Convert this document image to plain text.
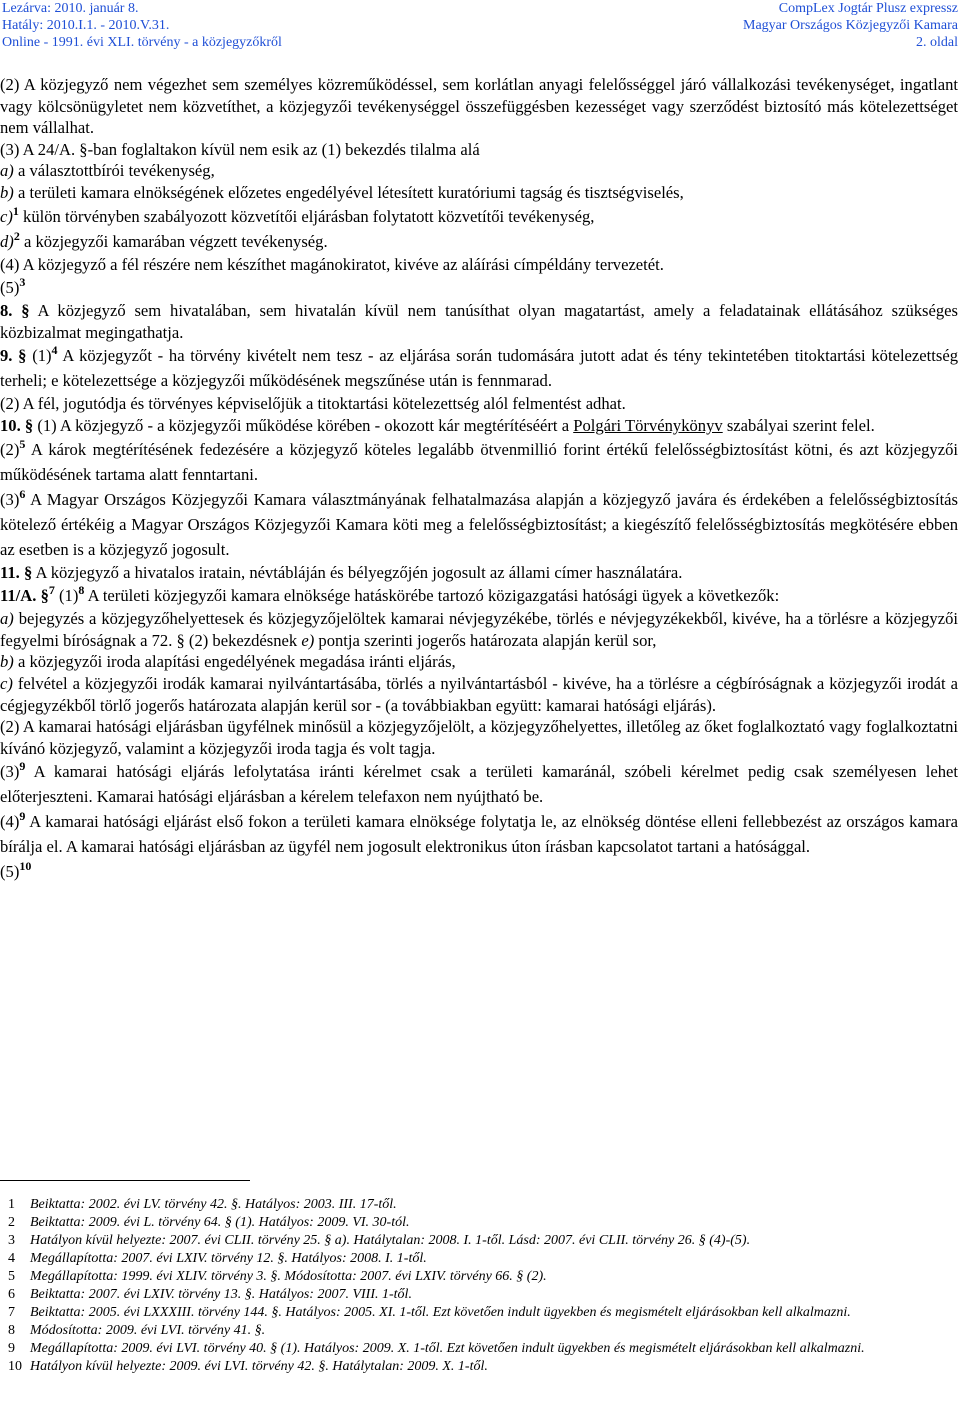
Lezárva: 2010. január 8.
Hatály: 2010.I.1. - 2010.V.31.
Online - 1991. évi XLI. törvény - a közjegyzőkről
CompLex Jogtár Plusz expressz
Magyar Országos Közjegyzői Kamara
2. oldal

(2) A közjegyző nem végezhet sem személyes közreműködéssel, sem korlátlan anyagi felelősséggel járó vállalkozási tevékenységet, ingatlant vagy kölcsönügyletet nem közvetíthet, a közjegyzői tevékenységgel összefüggésben kezességet vagy szerződést biztosító más kötelezettséget nem vállalhat.

(3) A 24/A. §-ban foglaltakon kívül nem esik az (1) bekezdés tilalma alá

a) a választottbírói tevékenység,

b) a területi kamara elnökségének előzetes engedélyével létesített kuratóriumi tagság és tisztségviselés,

c)$^1$ külön törvényben szabályozott közvetítői eljárásban folytatott közvetítői tevékenység,

d)$^2$ a közjegyzői kamarában végzett tevékenység.

(4) A közjegyző a fél részére nem készíthet magánokiratot, kivéve az aláírási címpéldány tervezetét.

$(5)^3$

8. § A közjegyző sem hivatalában, sem hivatalán kívül nem tanúsíthat olyan magatartást, amely a feladatainak ellátásához szükséges közbizalmat megingathatja.

9. § $(1)^4$ A közjegyzőt - ha törvény kivételt nem tesz - az eljárása során tudomására jutott adat és tény tekintetében titoktartási kötelezettség terheli; e kötelezettsége a közjegyzői működésének megszűnése után is fennmarad.

(2) A fél, jogutódja és törvényes képviselőjük a titoktartási kötelezettség alól felmentést adhat.

10. § (1) A közjegyző - a közjegyzői működése körében - okozott kár megtérítéséért a Polgári Törvénykönyv szabályai szerint felel.

$(2)^5$ A károk megtérítésének fedezésére a közjegyző köteles legalább ötvenmillió forint értékű felelősségbiztosítást kötni, és azt közjegyzői működésének tartama alatt fenntartani.

$(3)^6$ A Magyar Országos Közjegyzői Kamara választmányának felhatalmazása alapján a közjegyző javára és érdekében a felelősségbiztosítás kötelező értékéig a Magyar Országos Közjegyzői Kamara köti meg a felelősségbiztosítást; a kiegészítő felelősségbiztosítás megkötésére ebben az esetben is a közjegyző jogosult.

11. § A közjegyző a hivatalos iratain, névtábláján és bélyegzőjén jogosult az állami címer használatára.

11/A. §$^7$ $(1)^8$ A területi közjegyzői kamara elnöksége hatáskörébe tartozó közigazgatási hatósági ügyek a következők:

a) bejegyzés a közjegyzőhelyettesek és közjegyzőjelöltek kamarai névjegyzékébe, törlés e névjegyzékekből, kivéve, ha a törlésre a közjegyzői fegyelmi bíróságnak a 72. § (2) bekezdésnek e) pontja szerinti jogerős határozata alapján kerül sor,

b) a közjegyzői iroda alapítási engedélyének megadása iránti eljárás,

c) felvétel a közjegyzői irodák kamarai nyilvántartásába, törlés a nyilvántartásból - kivéve, ha a törlésre a cégbíróságnak a közjegyzői irodát a cégjegyzékből törlő jogerős határozata alapján kerül sor - (a továbbiakban együtt: kamarai hatósági eljárás).

(2) A kamarai hatósági eljárásban ügyfélnek minősül a közjegyzőjelölt, a közjegyzőhelyettes, illetőleg az őket foglalkoztató vagy foglalkoztatni kívánó közjegyző, valamint a közjegyzői iroda tagja és volt tagja.

$(3)^9$ A kamarai hatósági eljárás lefolytatása iránti kérelmet csak a területi kamaránál, szóbeli kérelmet pedig csak személyesen lehet előterjeszteni. Kamarai hatósági eljárásban a kérelem telefaxon nem nyújtható be.

$(4)^9$ A kamarai hatósági eljárást első fokon a területi kamara elnöksége folytatja le, az elnökség döntése elleni fellebbezést az országos kamara bírálja el. A kamarai hatósági eljárásban az ügyfél nem jogosult elektronikus úton írásban kapcsolatot tartani a hatósággal.

$(5)^{10}$

1 Beiktatta: 2002. évi LV. törvény 42. §. Hatályos: 2003. III. 17-től.

2 Beiktatta: 2009. évi L. törvény 64. § (1). Hatályos: 2009. VI. 30-tól.

3 Hatályon kívül helyezte: 2007. évi CLII. törvény 25. § a). Hatálytalan: 2008. I. 1-től. Lásd: 2007. évi CLII. törvény 26. § (4)-(5).

4 Megállapította: 2007. évi LXIV. törvény 12. §. Hatályos: 2008. I. 1-től.

5 Megállapította: 1999. évi XLIV. törvény 3. §. Módosította: 2007. évi LXIV. törvény 66. § (2).

6 Beiktatta: 2007. évi LXIV. törvény 13. §. Hatályos: 2007. VIII. 1-től.

7 Beiktatta: 2005. évi LXXXIII. törvény 144. §. Hatályos: 2005. XI. 1-től. Ezt követően indult ügyekben és megismételt eljárásokban kell alkalmazni.

8 Módosította: 2009. évi LVI. törvény 41. §.

9 Megállapította: 2009. évi LVI. törvény 40. § (1). Hatályos: 2009. X. 1-től. Ezt követően indult ügyekben és megismételt eljárásokban kell alkalmazni.

10 Hatályon kívül helyezte: 2009. évi LVI. törvény 42. §. Hatálytalan: 2009. X. 1-től.
